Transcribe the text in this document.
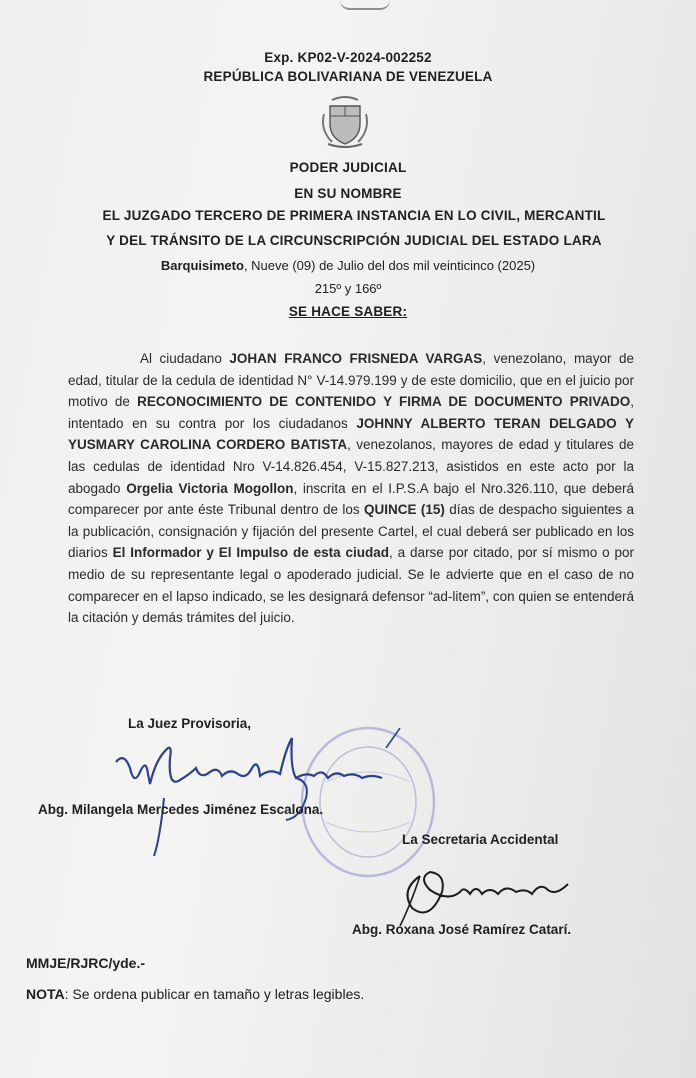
Exp. KP02-V-2024-002252
REPÚBLICA BOLIVARIANA DE VENEZUELA
PODER JUDICIAL
EN SU NOMBRE
EL JUZGADO TERCERO DE PRIMERA INSTANCIA EN LO CIVIL, MERCANTIL
Y DEL TRÁNSITO DE LA CIRCUNSCRIPCIÓN JUDICIAL DEL ESTADO LARA
Barquisimeto, Nueve (09) de Julio del dos mil veinticinco (2025)
215º y 166º
SE HACE SABER:

Al ciudadano JOHAN FRANCO FRISNEDA VARGAS, venezolano, mayor de edad, titular de la cedula de identidad N° V-14.979.199 y de este domicilio, que en el juicio por motivo de RECONOCIMIENTO DE CONTENIDO Y FIRMA DE DOCUMENTO PRIVADO, intentado en su contra por los ciudadanos JOHNNY ALBERTO TERAN DELGADO Y YUSMARY CAROLINA CORDERO BATISTA, venezolanos, mayores de edad y titulares de las cedulas de identidad Nro V-14.826.454, V-15.827.213, asistidos en este acto por la abogado Orgelia Victoria Mogollon, inscrita en el I.P.S.A bajo el Nro.326.110, que deberá comparecer por ante éste Tribunal dentro de los QUINCE (15) días de despacho siguientes a la publicación, consignación y fijación del presente Cartel, el cual deberá ser publicado en los diarios El Informador y El Impulso de esta ciudad, a darse por citado, por sí mismo o por medio de su representante legal o apoderado judicial. Se le advierte que en el caso de no comparecer en el lapso indicado, se les designará defensor “ad-litem”, con quien se entenderá la citación y demás trámites del juicio.

La Juez Provisoria,
Abg. Milangela Mercedes Jiménez Escalona.
La Secretaria Accidental
Abg. Roxana José Ramírez Catarí.
MMJE/RJRC/yde.-
NOTA: Se ordena publicar en tamaño y letras legibles.
